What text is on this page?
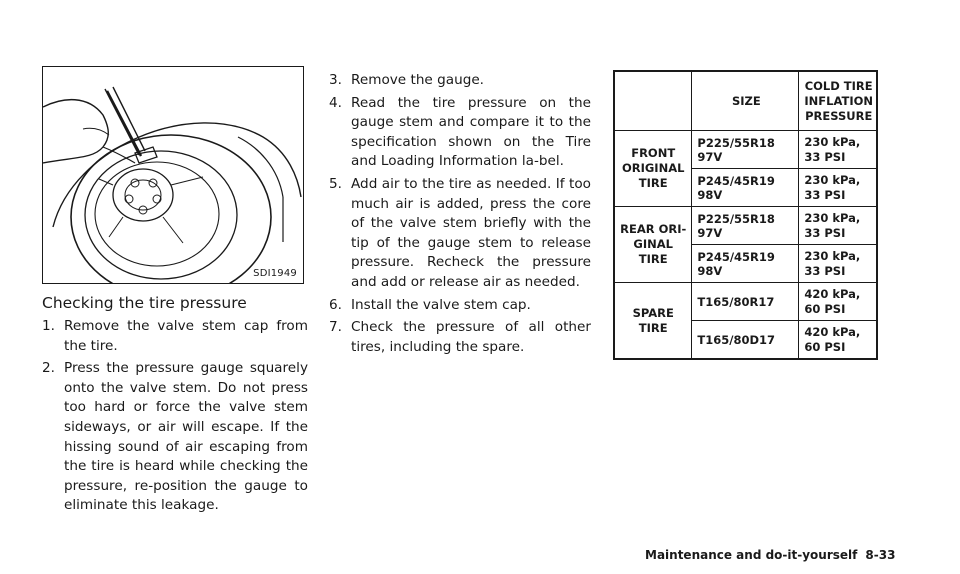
SDI1949
Checking the tire pressure
1. Remove the valve stem cap from the tire.
2. Press the pressure gauge squarely onto the valve stem. Do not press too hard or force the valve stem sideways, or air will escape. If the hissing sound of air escaping from the tire is heard while checking the pressure, re-position the gauge to eliminate this leakage.
3. Remove the gauge.
4. Read the tire pressure on the gauge stem and compare it to the specification shown on the Tire and Loading Information la-bel.
5. Add air to the tire as needed. If too much air is added, press the core of the valve stem briefly with the tip of the gauge stem to release pressure. Recheck the pressure and add or release air as needed.
6. Install the valve stem cap.
7. Check the pressure of all other tires, including the spare.
	SIZE	COLD TIRE INFLATION PRESSURE
FRONT ORIGINAL TIRE	P225/55R18 97V	230 kPa, 33 PSI
	P245/45R19 98V	230 kPa, 33 PSI
REAR ORI-GINAL TIRE	P225/55R18 97V	230 kPa, 33 PSI
	P245/45R19 98V	230 kPa, 33 PSI
SPARE TIRE	T165/80R17	420 kPa, 60 PSI
	T165/80D17	420 kPa, 60 PSI
Maintenance and do-it-yourself 8-33
